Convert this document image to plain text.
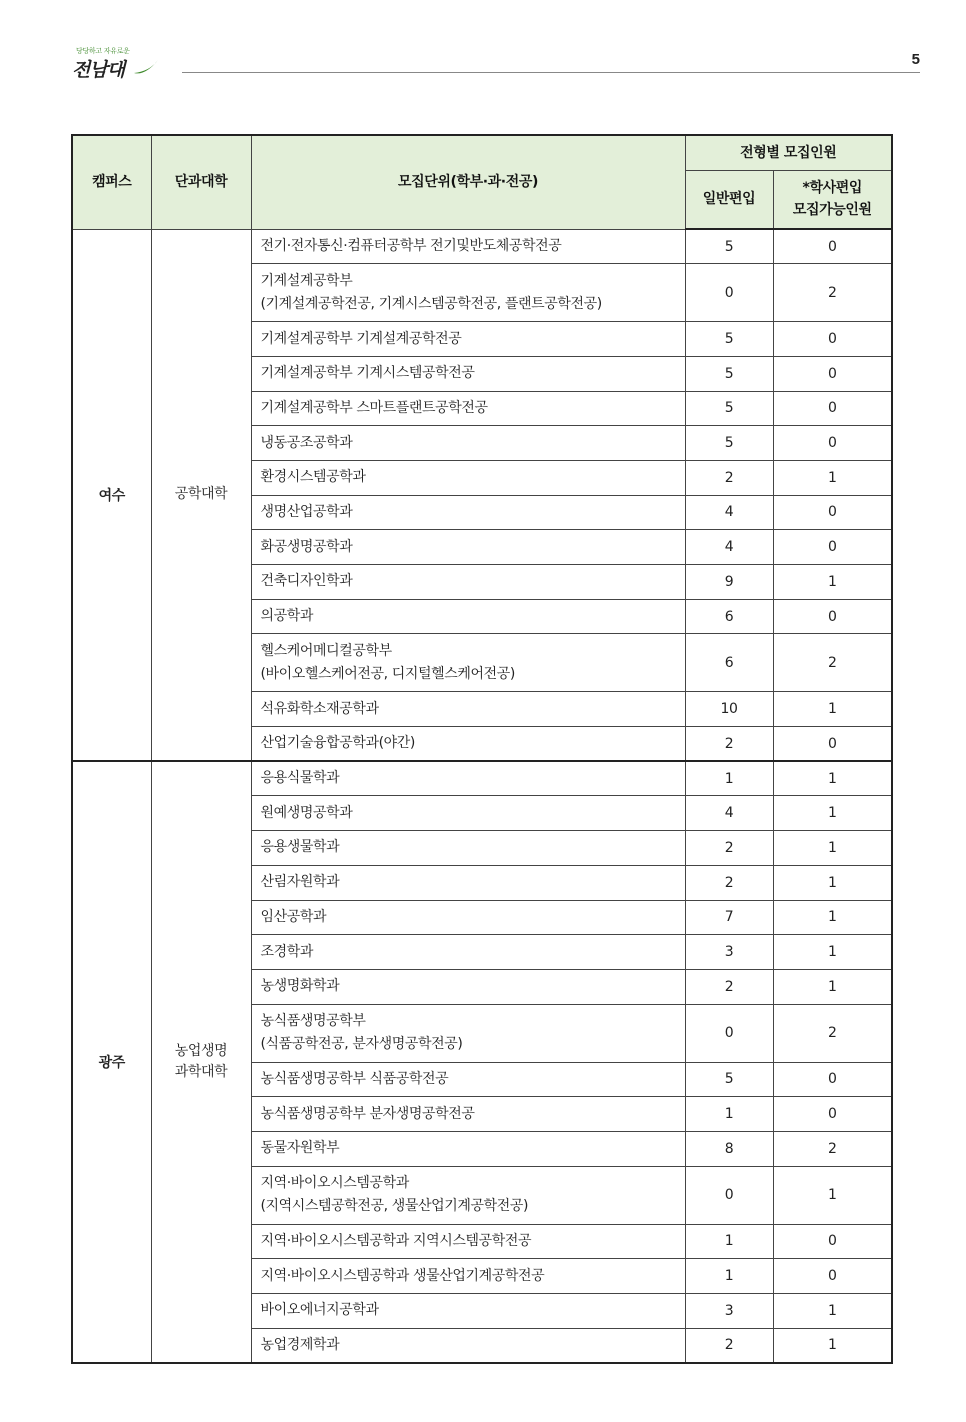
당당하고 자유로운
전남대	5
캠퍼스	단과대학	모집단위(학부·과·전공)	전형별 모집인원	
			일반편입	*학사편입
모집가능인원

여수	공학대학	전기·전자통신·컴퓨터공학부 전기및반도체공학전공	5	0

		기계설계공학부
(기계설계공학전공, 기계시스템공학전공, 플랜트공학전공)	0	2

		기계설계공학부 기계설계공학전공	5	0

		기계설계공학부 기계시스템공학전공	5	0

		기계설계공학부 스마트플랜트공학전공	5	0

		냉동공조공학과	5	0

		환경시스템공학과	2	1

		생명산업공학과	4	0

		화공생명공학과	4	0

		건축디자인학과	9	1

		의공학과	6	0

		헬스케어메디컬공학부
(바이오헬스케어전공, 디지털헬스케어전공)	6	2

		석유화학소재공학과	10	1

		산업기술융합공학과(야간)	2	0
광주	농업생명
과학대학	응용식물학과	1	1

		원예생명공학과	4	1

		응용생물학과	2	1

		산림자원학과	2	1

		임산공학과	7	1

		조경학과	3	1

		농생명화학과	2	1

		농식품생명공학부
(식품공학전공, 분자생명공학전공)	0	2

		농식품생명공학부 식품공학전공	5	0

		농식품생명공학부 분자생명공학전공	1	0

		동물자원학부	8	2

		지역·바이오시스템공학과
(지역시스템공학전공, 생물산업기계공학전공)	0	1

		지역·바이오시스템공학과 지역시스템공학전공	1	0

		지역·바이오시스템공학과 생물산업기계공학전공	1	0

		바이오에너지공학과	3	1

		농업경제학과	2	1
